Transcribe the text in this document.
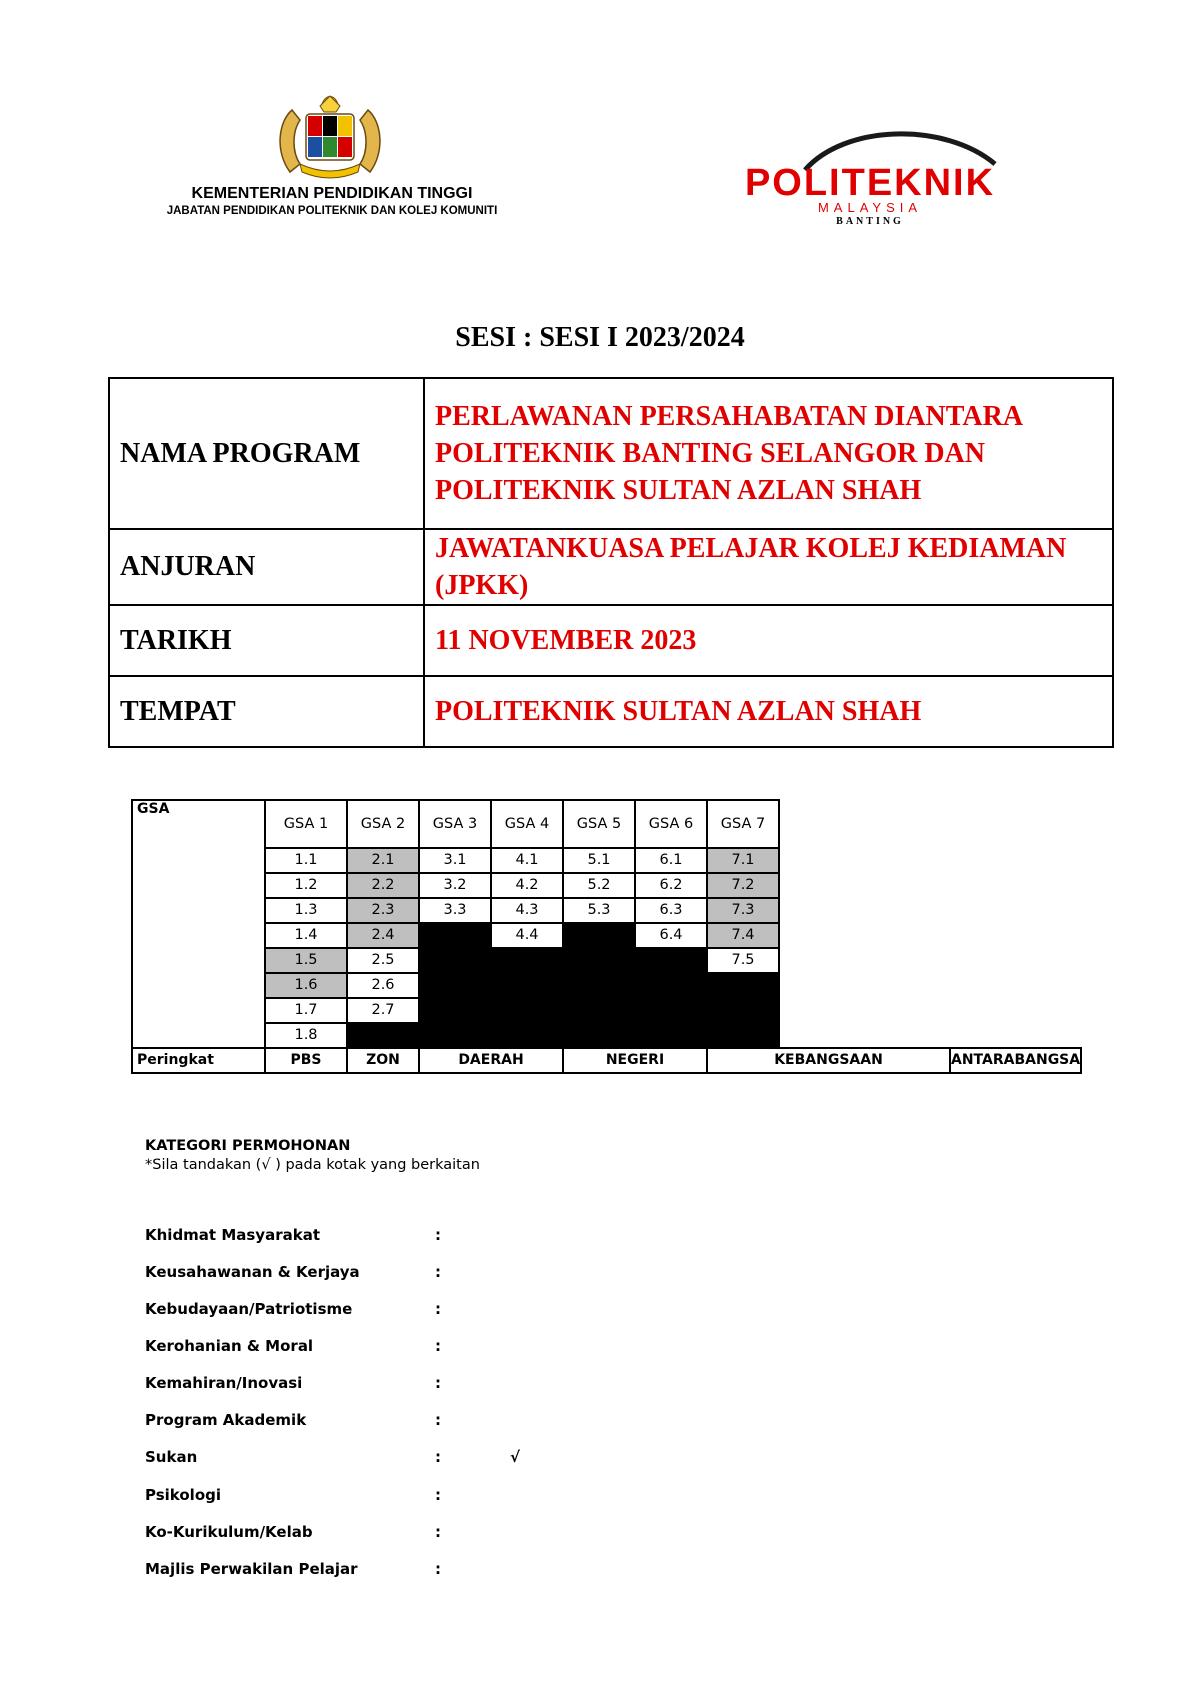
KEMENTERIAN PENDIDIKAN TINGGI
JABATAN PENDIDIKAN POLITEKNIK DAN KOLEJ KOMUNITI
POLITEKNIK
MALAYSIA
BANTING
SESI : SESI I 2023/2024
NAMA PROGRAM	PERLAWANAN PERSAHABATAN DIANTARA POLITEKNIK BANTING SELANGOR DAN POLITEKNIK SULTAN AZLAN SHAH
ANJURAN	JAWATANKUASA PELAJAR KOLEJ KEDIAMAN (JPKK)
TARIKH	11 NOVEMBER 2023
TEMPAT	POLITEKNIK SULTAN AZLAN SHAH
GSA	GSA 1	GSA 2	GSA 3	GSA 4	GSA 5	GSA 6	GSA 7		
	1.1	2.1	3.1	4.1	5.1	6.1	7.1		
	1.2	2.2	3.2	4.2	5.2	6.2	7.2		
	1.3	2.3	3.3	4.3	5.3	6.3	7.3		
	1.4	2.4		4.4		6.4	7.4		
	1.5	2.5					7.5		
	1.6	2.6							
	1.7	2.7							
	1.8								
Peringkat	PBS	ZON	DAERAH		NEGERI		KEBANGSAAN		ANTARABANGSA
KATEGORI PERMOHONAN
*Sila tandakan (√ ) pada kotak yang berkaitan
Khidmat Masyarakat	:
Keusahawanan & Kerjaya	:
Kebudayaan/Patriotisme	:
Kerohanian & Moral	:
Kemahiran/Inovasi	:
Program Akademik	:
Sukan	:	√
Psikologi	:
Ko-Kurikulum/Kelab	:
Majlis Perwakilan Pelajar	:
